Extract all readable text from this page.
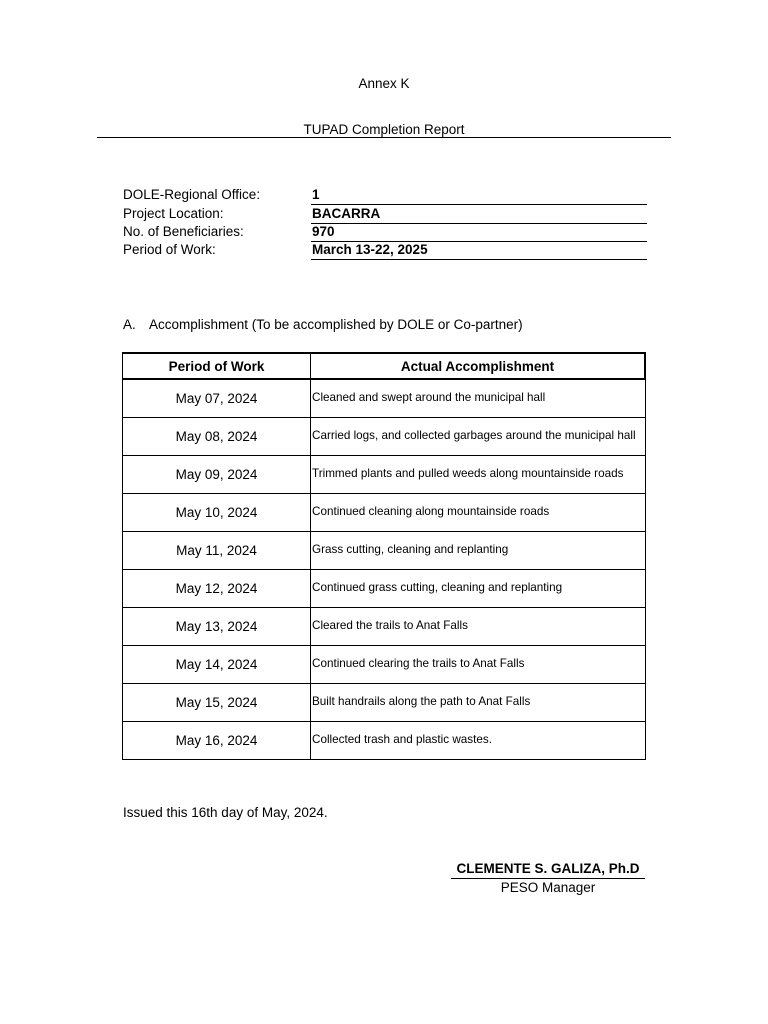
Annex K
TUPAD Completion Report
DOLE-Regional Office:	1
Project Location:	BACARRA
No. of Beneficiaries:	970
Period of Work:	March 13-22, 2025
A. Accomplishment (To be accomplished by DOLE or Co-partner)
Period of Work	Actual Accomplishment
May 07, 2024	Cleaned and swept around the municipal hall
May 08, 2024	Carried logs, and collected garbages around the municipal hall
May 09, 2024	Trimmed plants and pulled weeds along mountainside roads
May 10, 2024	Continued cleaning along mountainside roads
May 11, 2024	Grass cutting, cleaning and replanting
May 12, 2024	Continued grass cutting, cleaning and replanting
May 13, 2024	Cleared the trails to Anat Falls
May 14, 2024	Continued clearing the trails to Anat Falls
May 15, 2024	Built handrails along the path to Anat Falls
May 16, 2024	Collected trash and plastic wastes.
Issued this 16th day of May, 2024.
CLEMENTE S. GALIZA, Ph.D
PESO Manager
